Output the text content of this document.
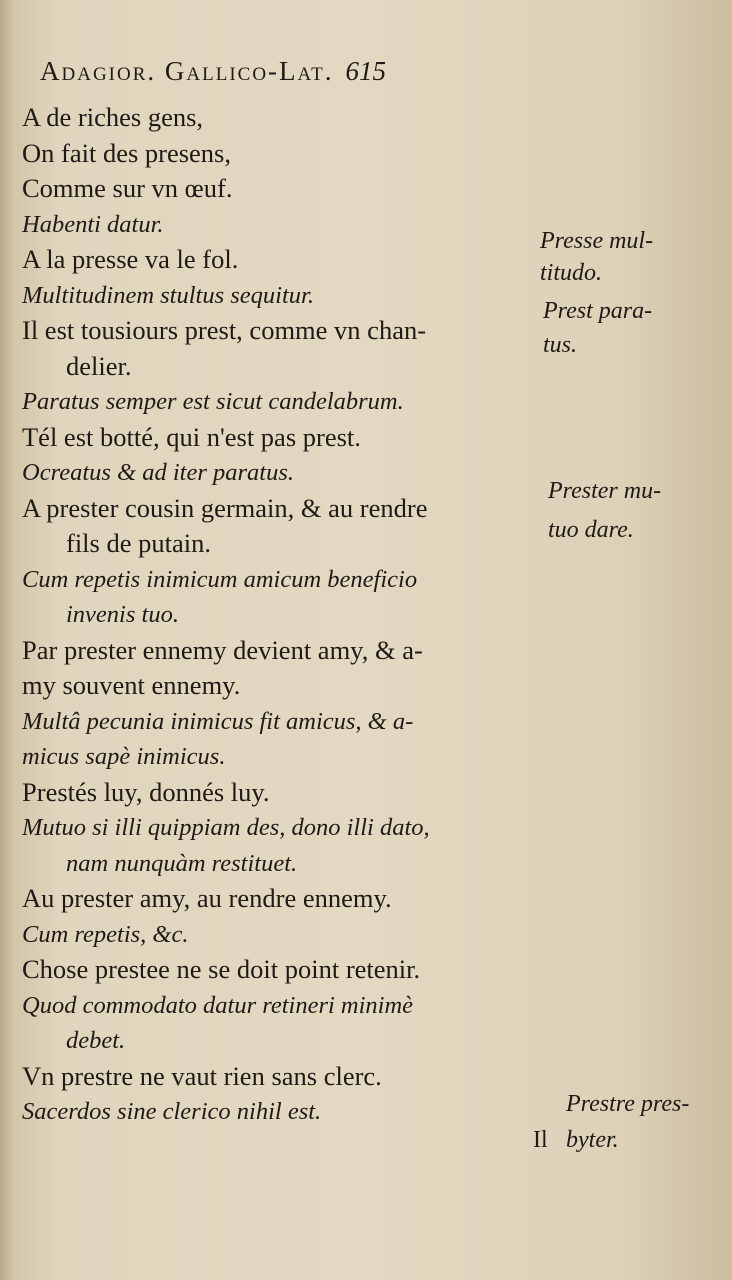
Adagior. Gallico-Lat. 615
A de riches gens,
On fait des presens,
Comme sur vn œuf.
Habenti datur.
A la presse va le fol.
Multitudinem stultus sequitur.
Il est tousiours prest, comme vn chan-
delier.
Paratus semper est sicut candelabrum.
Tél est botté, qui n'est pas prest.
Ocreatus & ad iter paratus.
A prester cousin germain, & au rendre
fils de putain.
Cum repetis inimicum amicum beneficio
invenis tuo.
Par prester ennemy devient amy, & a-
my souvent ennemy.
Multâ pecunia inimicus fit amicus, & a-
micus sapè inimicus.
Prestés luy, donnés luy.
Mutuo si illi quippiam des, dono illi dato,
nam nunquàm restituet.
Au prester amy, au rendre ennemy.
Cum repetis, &c.
Chose prestee ne se doit point retenir.
Quod commodato datur retineri minimè
debet.
Vn prestre ne vaut rien sans clerc.
Sacerdos sine clerico nihil est.
Presse mul-
titudo.
Prest para-
tus.
Prester mu-
tuo dare.
Prestre pres-
byter.
Il
